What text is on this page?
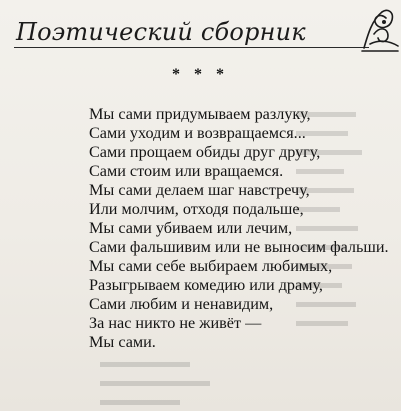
Поэтический сборник
* * *
Мы сами придумываем разлуку,
Сами уходим и возвращаемся...
Сами прощаем обиды друг другу,
Сами стоим или вращаемся.
Мы сами делаем шаг навстречу,
Или молчим, отходя подальше,
Мы сами убиваем или лечим,
Сами фальшивим или не выносим фальши.
Мы сами себе выбираем любимых,
Разыгрываем комедию или драму,
Сами любим и ненавидим,
За нас никто не живёт —
Мы сами.
